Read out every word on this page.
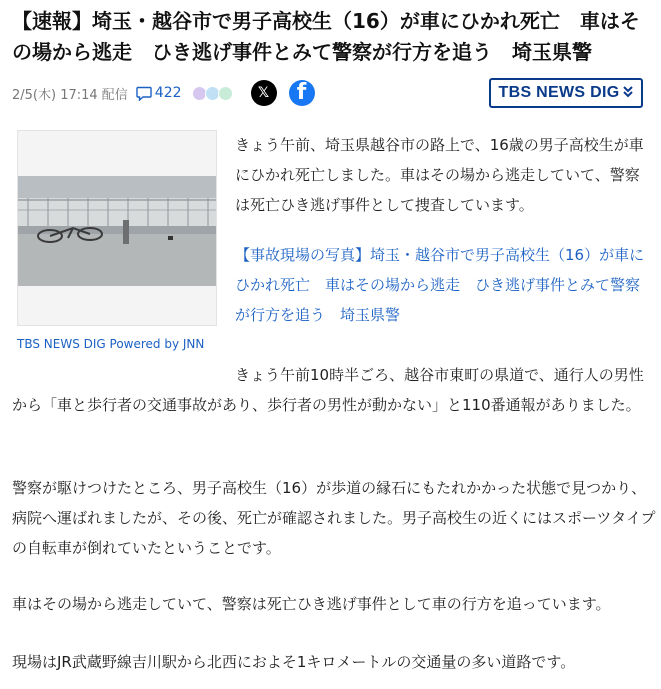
【速報】埼玉・越谷市で男子高校生（16）が車にひかれ死亡　車はその場から逃走　ひき逃げ事件とみて警察が行方を追う　埼玉県警
2/5(木) 17:14 配信 422	𝕏 f	TBS NEWS DIG
TBS NEWS DIG Powered by JNN
きょう午前、埼玉県越谷市の路上で、16歳の男子高校生が車にひかれ死亡しました。車はその場から逃走していて、警察は死亡ひき逃げ事件として捜査しています。
【事故現場の写真】埼玉・越谷市で男子高校生（16）が車にひかれ死亡　車はその場から逃走　ひき逃げ事件とみて警察が行方を追う　埼玉県警
きょう午前10時半ごろ、越谷市東町の県道で、通行人の男性から「車と歩行者の交通事故があり、歩行者の男性が動かない」と110番通報がありました。
警察が駆けつけたところ、男子高校生（16）が歩道の縁石にもたれかかった状態で見つかり、病院へ運ばれましたが、その後、死亡が確認されました。男子高校生の近くにはスポーツタイプの自転車が倒れていたということです。
車はその場から逃走していて、警察は死亡ひき逃げ事件として車の行方を追っています。
現場はJR武蔵野線吉川駅から北西におよそ1キロメートルの交通量の多い道路です。
